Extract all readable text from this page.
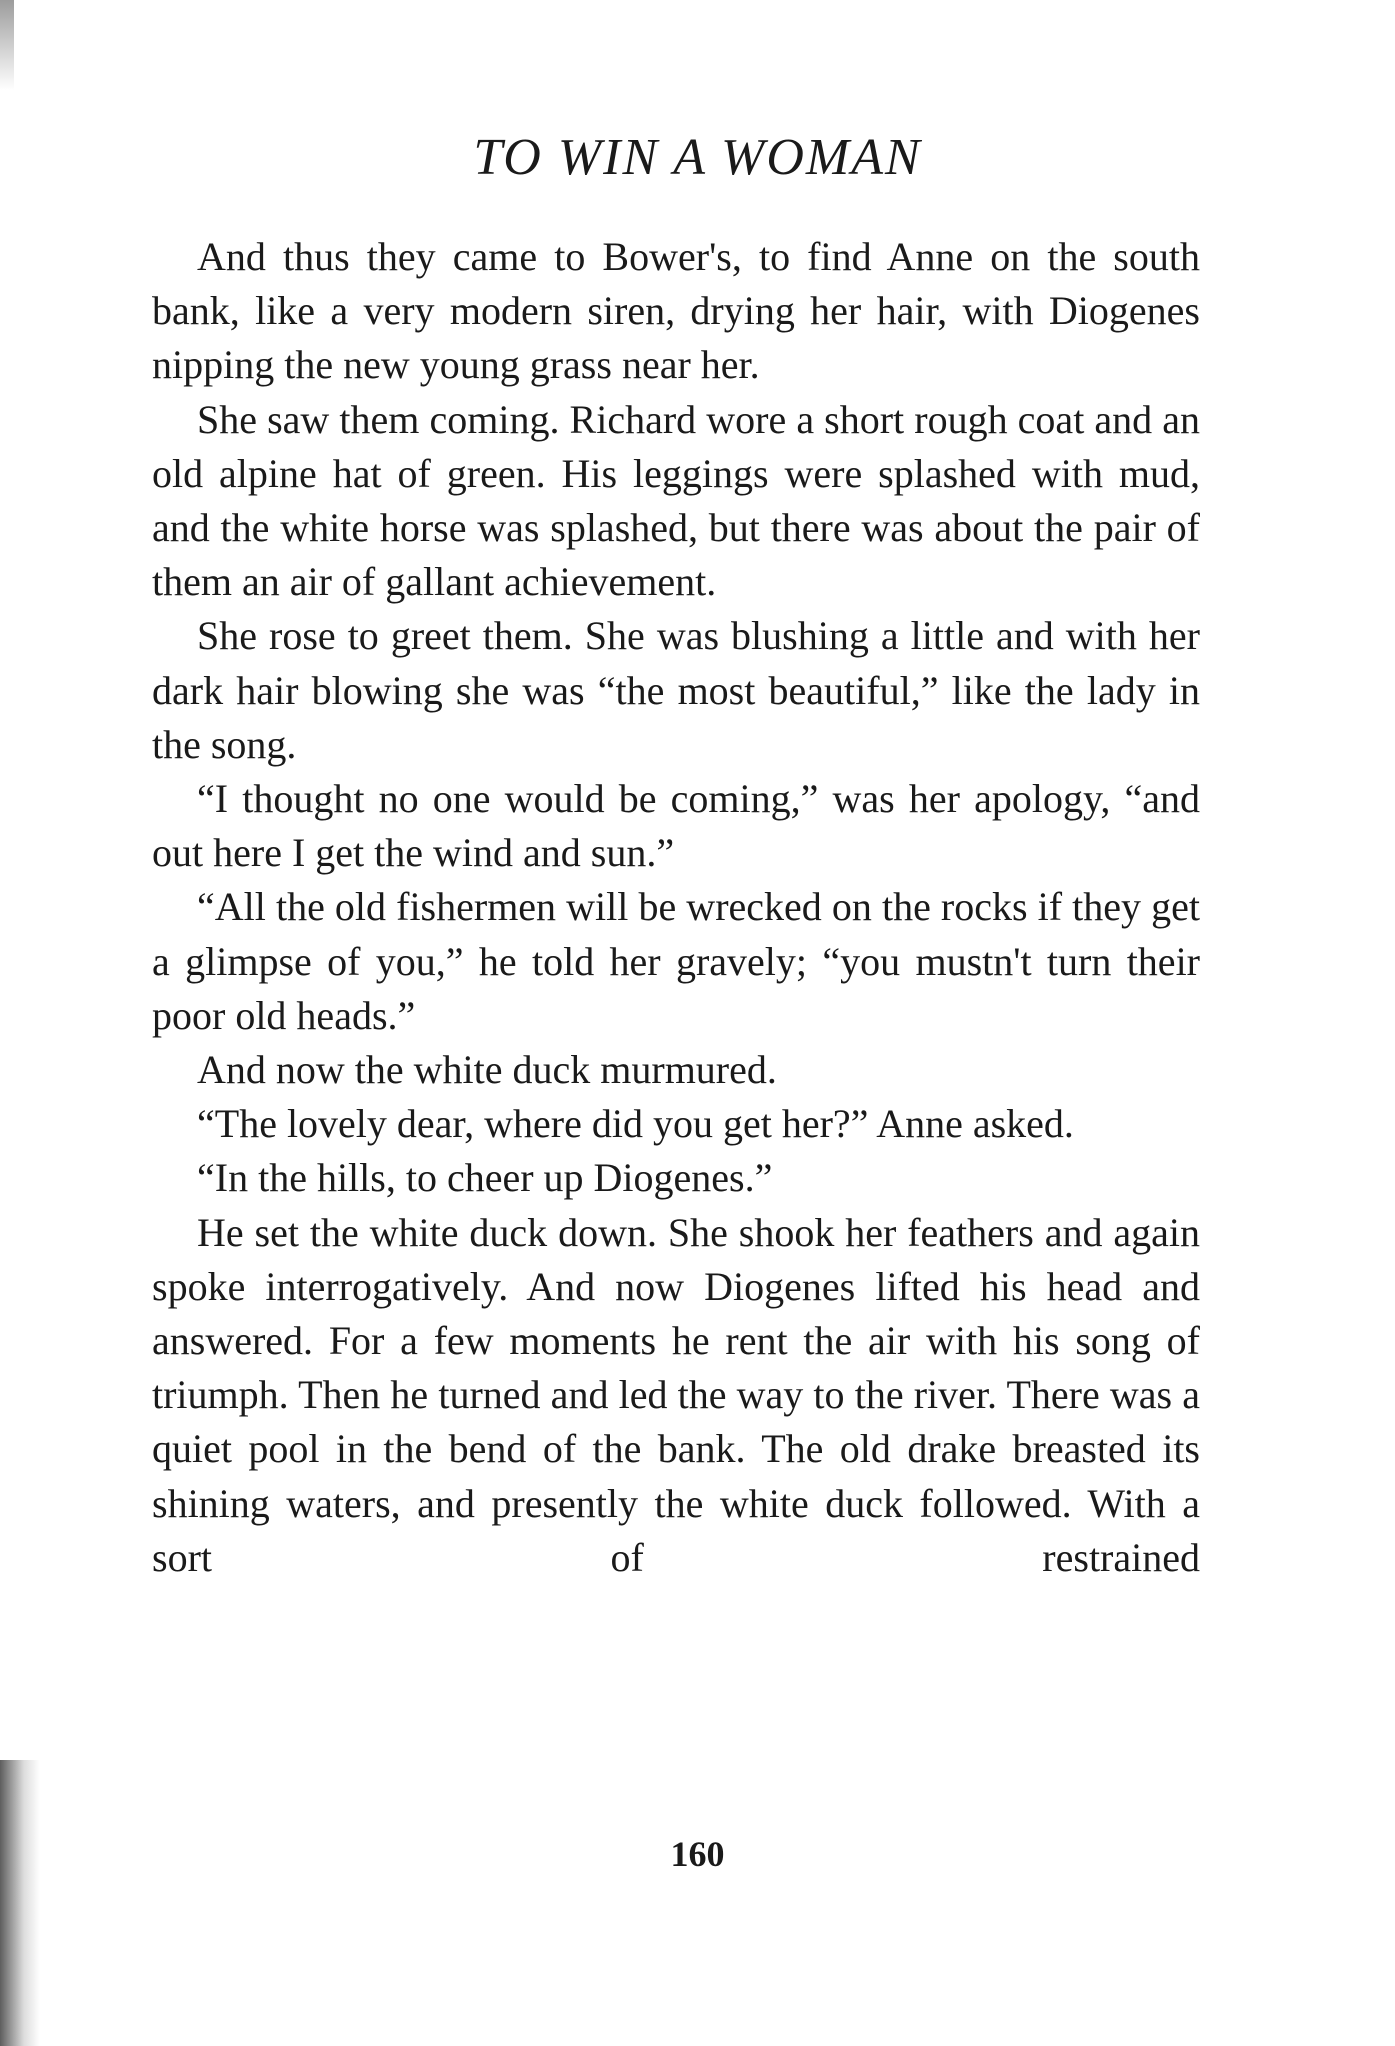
TO WIN A WOMAN

And thus they came to Bower's, to find Anne on the south bank, like a very modern siren, drying her hair, with Diogenes nipping the new young grass near her.

She saw them coming. Richard wore a short rough coat and an old alpine hat of green. His leggings were splashed with mud, and the white horse was splashed, but there was about the pair of them an air of gallant achievement.

She rose to greet them. She was blushing a little and with her dark hair blowing she was “the most beautiful,” like the lady in the song.

“I thought no one would be coming,” was her apology, “and out here I get the wind and sun.”

“All the old fishermen will be wrecked on the rocks if they get a glimpse of you,” he told her gravely; “you mustn't turn their poor old heads.”

And now the white duck murmured.

“The lovely dear, where did you get her?” Anne asked.

“In the hills, to cheer up Diogenes.”

He set the white duck down. She shook her feathers and again spoke interrogatively. And now Diogenes lifted his head and answered. For a few moments he rent the air with his song of triumph. Then he turned and led the way to the river. There was a quiet pool in the bend of the bank. The old drake breasted its shining waters, and presently the white duck followed. With a sort of restrained

160
